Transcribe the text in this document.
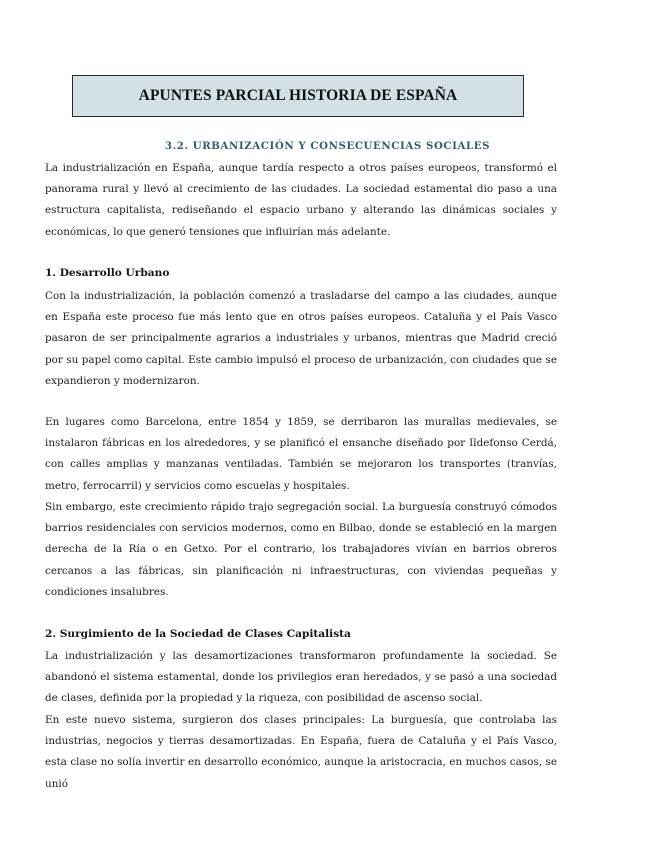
APUNTES PARCIAL HISTORIA DE ESPAÑA
3.2. URBANIZACIÓN Y CONSECUENCIAS SOCIALES

La industrialización en España, aunque tardía respecto a otros países europeos, transformó el panorama rural y llevó al crecimiento de las ciudades. La sociedad estamental dio paso a una estructura capitalista, rediseñando el espacio urbano y alterando las dinámicas sociales y económicas, lo que generó tensiones que influirían más adelante.

1. Desarrollo Urbano

Con la industrialización, la población comenzó a trasladarse del campo a las ciudades, aunque en España este proceso fue más lento que en otros países europeos. Cataluña y el País Vasco pasaron de ser principalmente agrarios a industriales y urbanos, mientras que Madrid creció por su papel como capital. Este cambio impulsó el proceso de urbanización, con ciudades que se expandieron y modernizaron.

En lugares como Barcelona, entre 1854 y 1859, se derribaron las murallas medievales, se instalaron fábricas en los alrededores, y se planificó el ensanche diseñado por Ildefonso Cerdá, con calles amplias y manzanas ventiladas. También se mejoraron los transportes (tranvías, metro, ferrocarril) y servicios como escuelas y hospitales.

Sin embargo, este crecimiento rápido trajo segregación social. La burguesía construyó cómodos barrios residenciales con servicios modernos, como en Bilbao, donde se estableció en la margen derecha de la Ría o en Getxo. Por el contrario, los trabajadores vivían en barrios obreros cercanos a las fábricas, sin planificación ni infraestructuras, con viviendas pequeñas y condiciones insalubres.

2. Surgimiento de la Sociedad de Clases Capitalista

La industrialización y las desamortizaciones transformaron profundamente la sociedad. Se abandonó el sistema estamental, donde los privilegios eran heredados, y se pasó a una sociedad de clases, definida por la propiedad y la riqueza, con posibilidad de ascenso social.

En este nuevo sistema, surgieron dos clases principales: La burguesía, que controlaba las industrias, negocios y tierras desamortizadas. En España, fuera de Cataluña y el País Vasco, esta clase no solía invertir en desarrollo económico, aunque la aristocracia, en muchos casos, se unió
